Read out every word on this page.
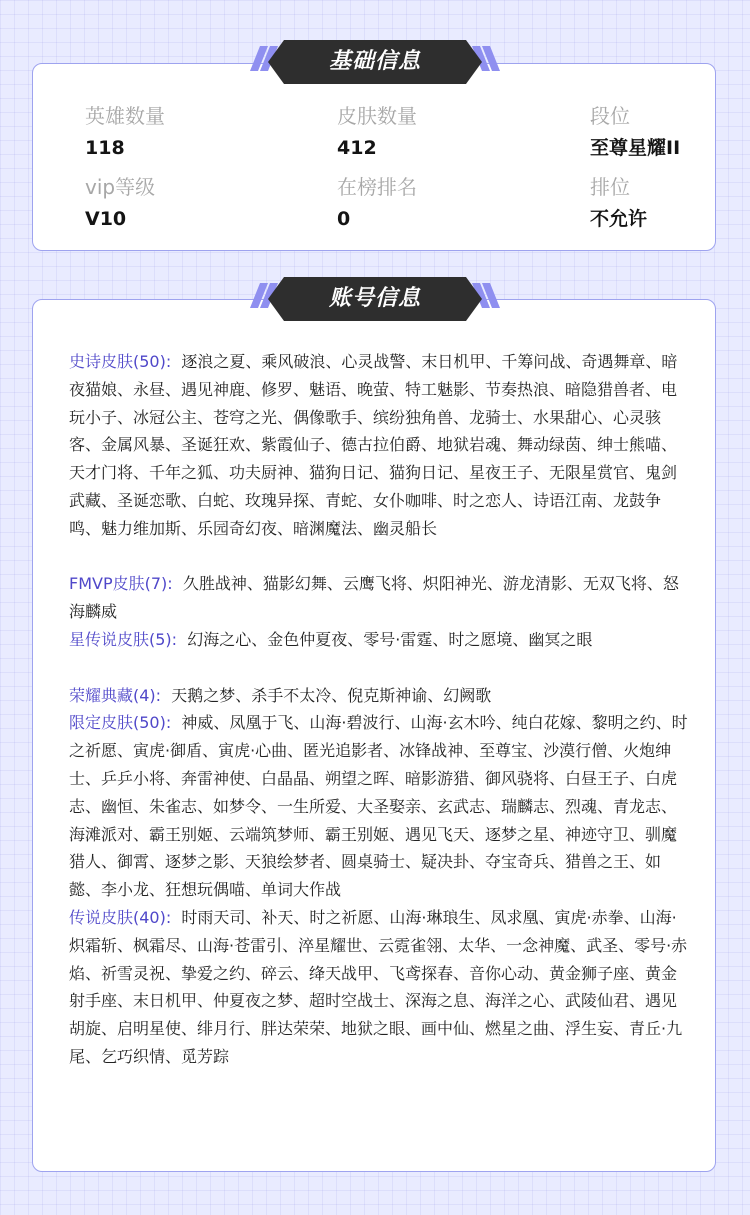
英雄数量
118
皮肤数量
412
段位
至尊星耀II
vip等级
V10
在榜排名
0
排位
不允许

史诗皮肤(50): 逐浪之夏、乘风破浪、心灵战警、末日机甲、千筹问战、奇遇舞章、暗夜猫娘、永昼、遇见神鹿、修罗、魅语、晚萤、特工魅影、节奏热浪、暗隐猎兽者、电玩小子、冰冠公主、苍穹之光、偶像歌手、缤纷独角兽、龙骑士、水果甜心、心灵骇客、金属风暴、圣诞狂欢、紫霞仙子、德古拉伯爵、地狱岩魂、舞动绿茵、绅士熊喵、天才门将、千年之狐、功夫厨神、猫狗日记、猫狗日记、星夜王子、无限星赏官、鬼剑武藏、圣诞恋歌、白蛇、玫瑰异探、青蛇、女仆咖啡、时之恋人、诗语江南、龙鼓争鸣、魅力维加斯、乐园奇幻夜、暗渊魔法、幽灵船长

FMVP皮肤(7): 久胜战神、猫影幻舞、云鹰飞将、炽阳神光、游龙清影、无双飞将、怒海麟威

星传说皮肤(5): 幻海之心、金色仲夏夜、零号·雷霆、时之愿境、幽冥之眼

荣耀典藏(4): 天鹅之梦、杀手不太冷、倪克斯神谕、幻阙歌

限定皮肤(50): 神威、凤凰于飞、山海·碧波行、山海·玄木吟、纯白花嫁、黎明之约、时之祈愿、寅虎·御盾、寅虎·心曲、匿光追影者、冰锋战神、至尊宝、沙漠行僧、火炮绅士、乒乒小将、奔雷神使、白晶晶、朔望之晖、暗影游猎、御风骁将、白昼王子、白虎志、幽恒、朱雀志、如梦令、一生所爱、大圣娶亲、玄武志、瑞麟志、烈魂、青龙志、海滩派对、霸王别姬、云端筑梦师、霸王别姬、遇见飞天、逐梦之星、神迹守卫、驯魔猎人、御霄、逐梦之影、天狼绘梦者、圆桌骑士、疑决卦、夺宝奇兵、猎兽之王、如懿、李小龙、狂想玩偶喵、单词大作战

传说皮肤(40): 时雨天司、补天、时之祈愿、山海·琳琅生、凤求凰、寅虎·赤拳、山海·炽霜斩、枫霜尽、山海·苍雷引、淬星耀世、云霓雀翎、太华、一念神魔、武圣、零号·赤焰、祈雪灵祝、挚爱之约、碎云、绛天战甲、飞鸢探春、音你心动、黄金狮子座、黄金射手座、末日机甲、仲夏夜之梦、超时空战士、深海之息、海洋之心、武陵仙君、遇见胡旋、启明星使、绯月行、胖达荣荣、地狱之眼、画中仙、燃星之曲、浮生妄、青丘·九尾、乞巧织情、觅芳踪

基础信息
账号信息
